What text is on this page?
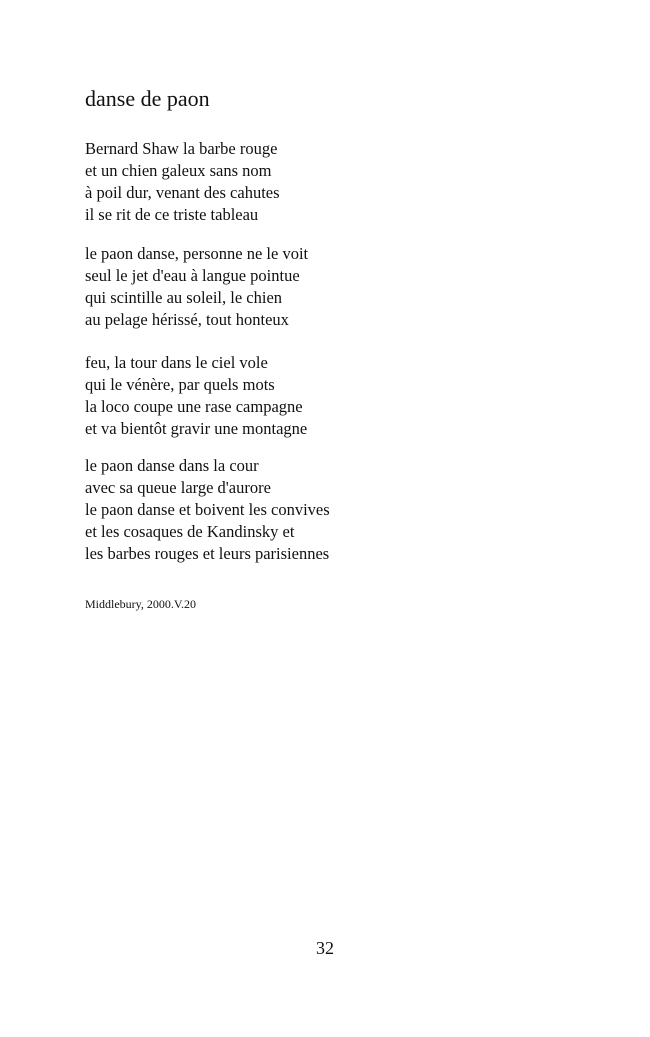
danse de paon
Bernard Shaw la barbe rouge
et un chien galeux sans nom
à poil dur, venant des cahutes
il se rit de ce triste tableau
le paon danse, personne ne le voit
seul le jet d'eau à langue pointue
qui scintille au soleil, le chien
au pelage hérissé, tout honteux
feu, la tour dans le ciel vole
qui le vénère, par quels mots
la loco coupe une rase campagne
et va bientôt gravir une montagne
le paon danse dans la cour
avec sa queue large d'aurore
le paon danse et boivent les convives
et les cosaques de Kandinsky et
les barbes rouges et leurs parisiennes
Middlebury, 2000.V.20
32
